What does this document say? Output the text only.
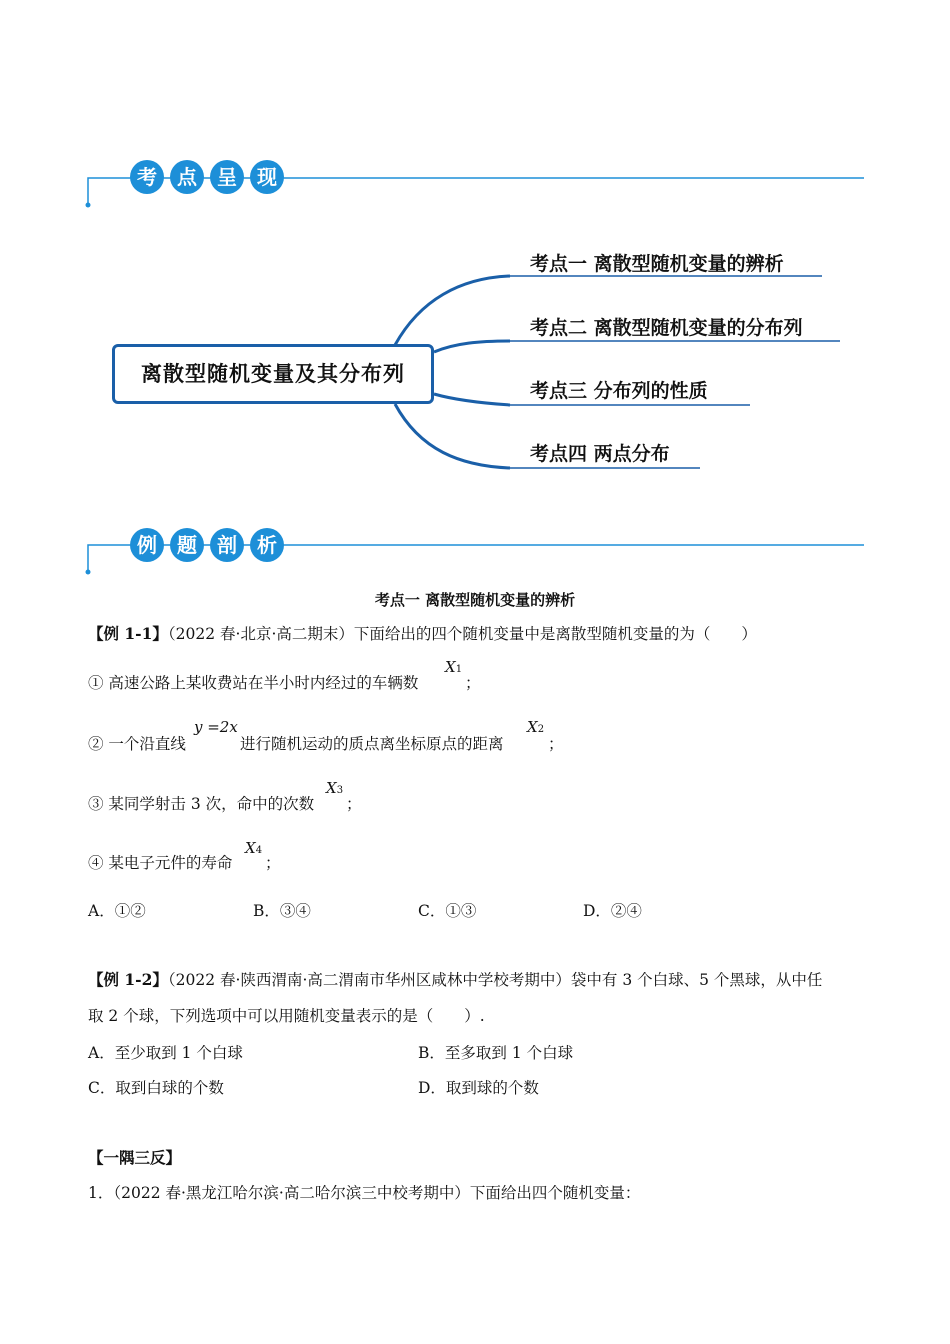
考	点	呈	现
离散型随机变量及其分布列
考点一 离散型随机变量的辨析
考点二 离散型随机变量的分布列
考点三 分布列的性质
考点四 两点分布
例	题	剖	析
考点一 离散型随机变量的辨析
【例 1-1】（2022 春·北京·高二期末）下面给出的四个随机变量中是离散型随机变量的为（　　）
① 高速公路上某收费站在半小时内经过的车辆数
X1
；
② 一个沿直线
y =2x
进行随机运动的质点离坐标原点的距离
X2
；
③ 某同学射击 3 次，命中的次数
X3
；
④ 某电子元件的寿命
X4
；
A．①②	B．③④	C．①③	D．②④
【例 1-2】（2022 春·陕西渭南·高二渭南市华州区咸林中学校考期中）袋中有 3 个白球、5 个黑球，从中任
取 2 个球，下列选项中可以用随机变量表示的是（　　）.
A．至少取到 1 个白球	B．至多取到 1 个白球
C．取到白球的个数	D．取到球的个数
【一隅三反】
1．（2022 春·黑龙江哈尔滨·高二哈尔滨三中校考期中）下面给出四个随机变量：
